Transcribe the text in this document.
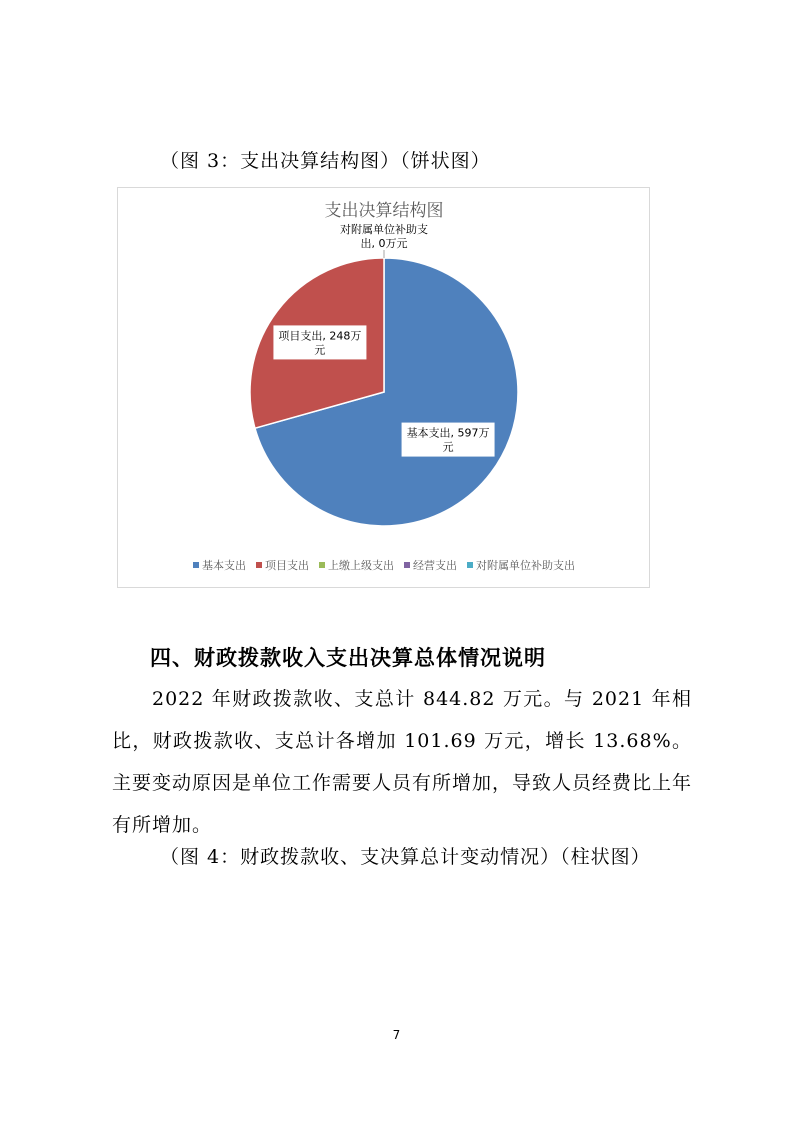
（图 3：支出决算结构图）（饼状图）
支出决算结构图
基本支出, 597万
元
项目支出, 248万
元
对附属单位补助支
出, 0万元
基本支出 项目支出 上缴上级支出 经营支出 对附属单位补助支出
四、财政拨款收入支出决算总体情况说明

2022 年财政拨款收、支总计 844.82 万元。与 2021 年相比，财政拨款收、支总计各增加 101.69 万元，增长 13.68%。主要变动原因是单位工作需要人员有所增加，导致人员经费比上年有所增加。

（图 4：财政拨款收、支决算总计变动情况）（柱状图）
7
